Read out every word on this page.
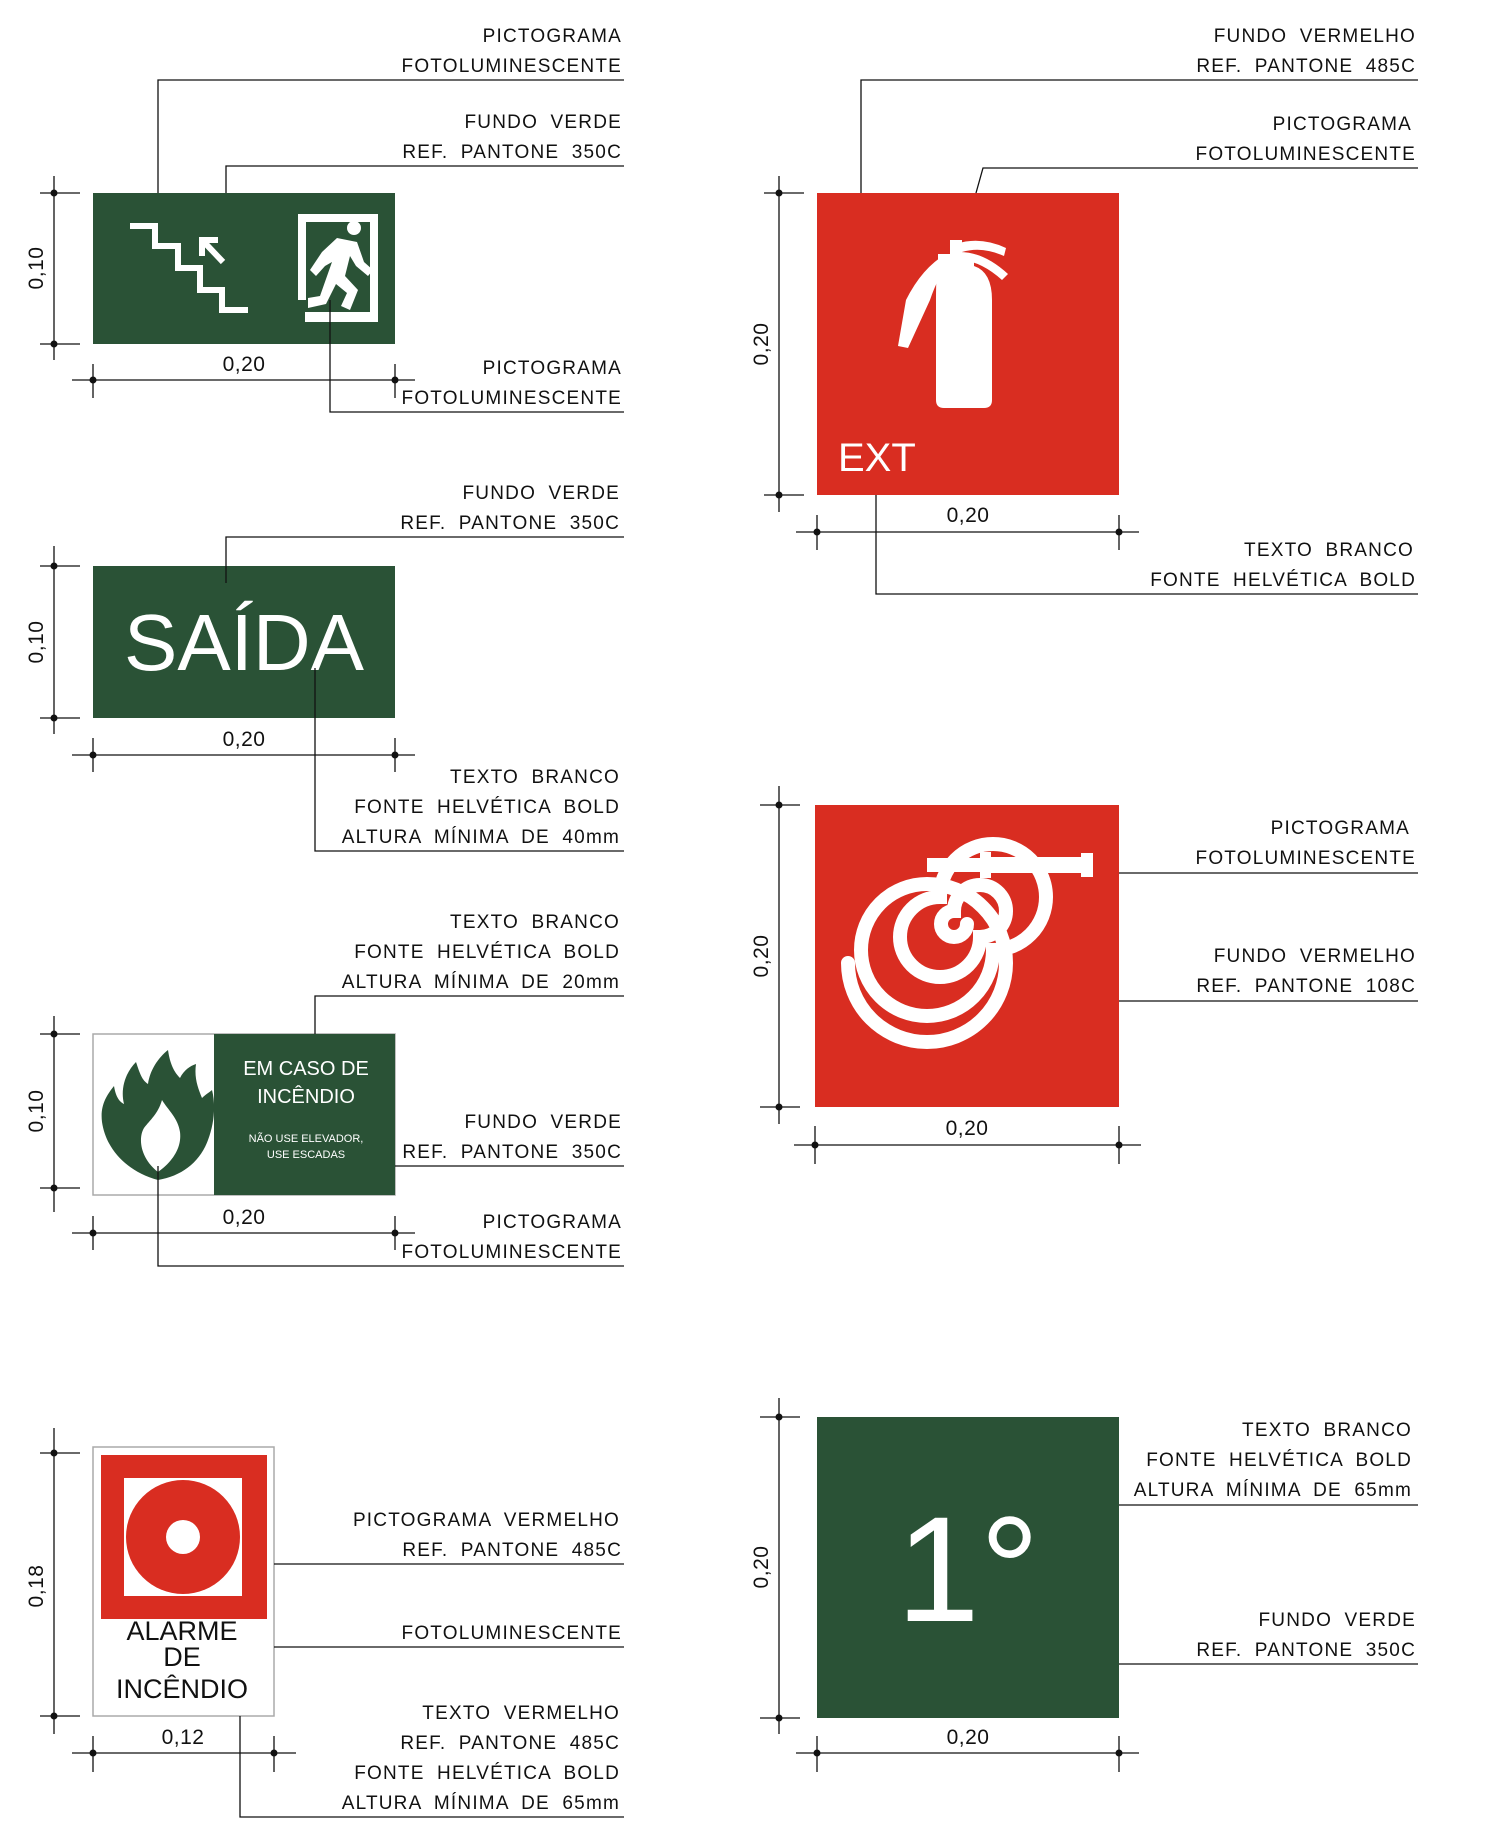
SAÍDA
EM CASO DE
INCÊNDIO
NÃO USE ELEVADOR,
USE ESCADAS
ALARME
DE
INCÊNDIO
EXT
1°
0,10
0,20
0,10
0,20
0,10
0,20
0,18
0,12
0,20
0,20
0,20
0,20
0,20
0,20
PICTOGRAMA
FOTOLUMINESCENTE
FUNDO VERDE
REF. PANTONE 350C
PICTOGRAMA
FOTOLUMINESCENTE
FUNDO VERDE
REF. PANTONE 350C
TEXTO BRANCO
FONTE HELVÉTICA BOLD
ALTURA MÍNIMA DE 40mm
TEXTO BRANCO
FONTE HELVÉTICA BOLD
ALTURA MÍNIMA DE 20mm
FUNDO VERDE
REF. PANTONE 350C
PICTOGRAMA
FOTOLUMINESCENTE
PICTOGRAMA VERMELHO
REF. PANTONE 485C
FOTOLUMINESCENTE
TEXTO VERMELHO
REF. PANTONE 485C
FONTE HELVÉTICA BOLD
ALTURA MÍNIMA DE 65mm
FUNDO VERMELHO
REF. PANTONE 485C
PICTOGRAMA
FOTOLUMINESCENTE
TEXTO BRANCO
FONTE HELVÉTICA BOLD
PICTOGRAMA
FOTOLUMINESCENTE
FUNDO VERMELHO
REF. PANTONE 108C
TEXTO BRANCO
FONTE HELVÉTICA BOLD
ALTURA MÍNIMA DE 65mm
FUNDO VERDE
REF. PANTONE 350C
